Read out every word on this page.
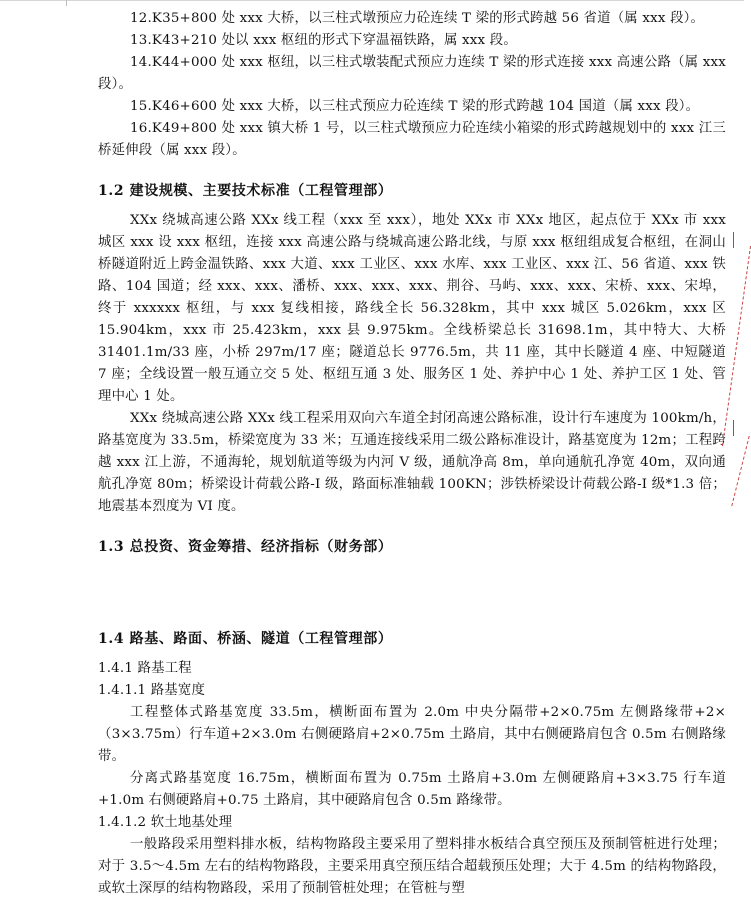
12.K35+800 处 xxx 大桥，以三柱式墩预应力砼连续 T 梁的形式跨越 56 省道（属 xxx 段）。

13.K43+210 处以 xxx 枢纽的形式下穿温福铁路，属 xxx 段。

14.K44+000 处 xxx 枢纽，以三柱式墩装配式预应力连续 T 梁的形式连接 xxx 高速公路（属 xxx 段）。

15.K46+600 处 xxx 大桥，以三柱式预应力砼连续 T 梁的形式跨越 104 国道（属 xxx 段）。

16.K49+800 处 xxx 镇大桥 1 号，以三柱式墩预应力砼连续小箱梁的形式跨越规划中的 xxx 江三桥延伸段（属 xxx 段）。

1.2 建设规模、主要技术标准（工程管理部）

XXx 绕城高速公路 XXx 线工程（xxx 至 xxx），地处 XXx 市 XXx 地区，起点位于 XXx 市 xxx 城区 xxx 设 xxx 枢纽，连接 xxx 高速公路与绕城高速公路北线，与原 xxx 枢纽组成复合枢纽，在洞山桥隧道附近上跨金温铁路、xxx 大道、xxx 工业区、xxx 水库、xxx 工业区、xxx 江、56 省道、xxx 铁路、104 国道；经 xxx、xxx、潘桥、xxx、xxx、xxx、荆谷、马屿、xxx、xxx、宋桥、xxx、宋埠，终于 xxxxxx 枢纽，与 xxx 复线相接，路线全长 56.328km，其中 xxx 城区 5.026km，xxx 区 15.904km，xxx 市 25.423km，xxx 县 9.975km。全线桥梁总长 31698.1m，其中特大、大桥 31401.1m/33 座，小桥 297m/17 座；隧道总长 9776.5m，共 11 座，其中长隧道 4 座、中短隧道 7 座；全线设置一般互通立交 5 处、枢纽互通 3 处、服务区 1 处、养护中心 1 处、养护工区 1 处、管理中心 1 处。

XXx 绕城高速公路 XXx 线工程采用双向六车道全封闭高速公路标准，设计行车速度为 100km/h，路基宽度为 33.5m，桥梁宽度为 33 米；互通连接线采用二级公路标准设计，路基宽度为 12m；工程跨越 xxx 江上游，不通海轮，规划航道等级为内河 V 级，通航净高 8m，单向通航孔净宽 40m，双向通航孔净宽 80m；桥梁设计荷载公路-I 级，路面标准轴载 100KN；涉铁桥梁设计荷载公路-I 级*1.3 倍；地震基本烈度为 VI 度。

1.3 总投资、资金筹措、经济指标（财务部）

1.4 路基、路面、桥涵、隧道（工程管理部）

1.4.1 路基工程

1.4.1.1 路基宽度

工程整体式路基宽度 33.5m，横断面布置为 2.0m 中央分隔带+2×0.75m 左侧路缘带+2×（3×3.75m）行车道+2×3.0m 右侧硬路肩+2×0.75m 土路肩，其中右侧硬路肩包含 0.5m 右侧路缘带。

分离式路基宽度 16.75m，横断面布置为 0.75m 土路肩+3.0m 左侧硬路肩+3×3.75 行车道+1.0m 右侧硬路肩+0.75 土路肩，其中硬路肩包含 0.5m 路缘带。

1.4.1.2 软土地基处理

一般路段采用塑料排水板，结构物路段主要采用了塑料排水板结合真空预压及预制管桩进行处理；对于 3.5～4.5m 左右的结构物路段，主要采用真空预压结合超载预压处理；大于 4.5m 的结构物路段，或软土深厚的结构物路段，采用了预制管桩处理；在管桩与塑
